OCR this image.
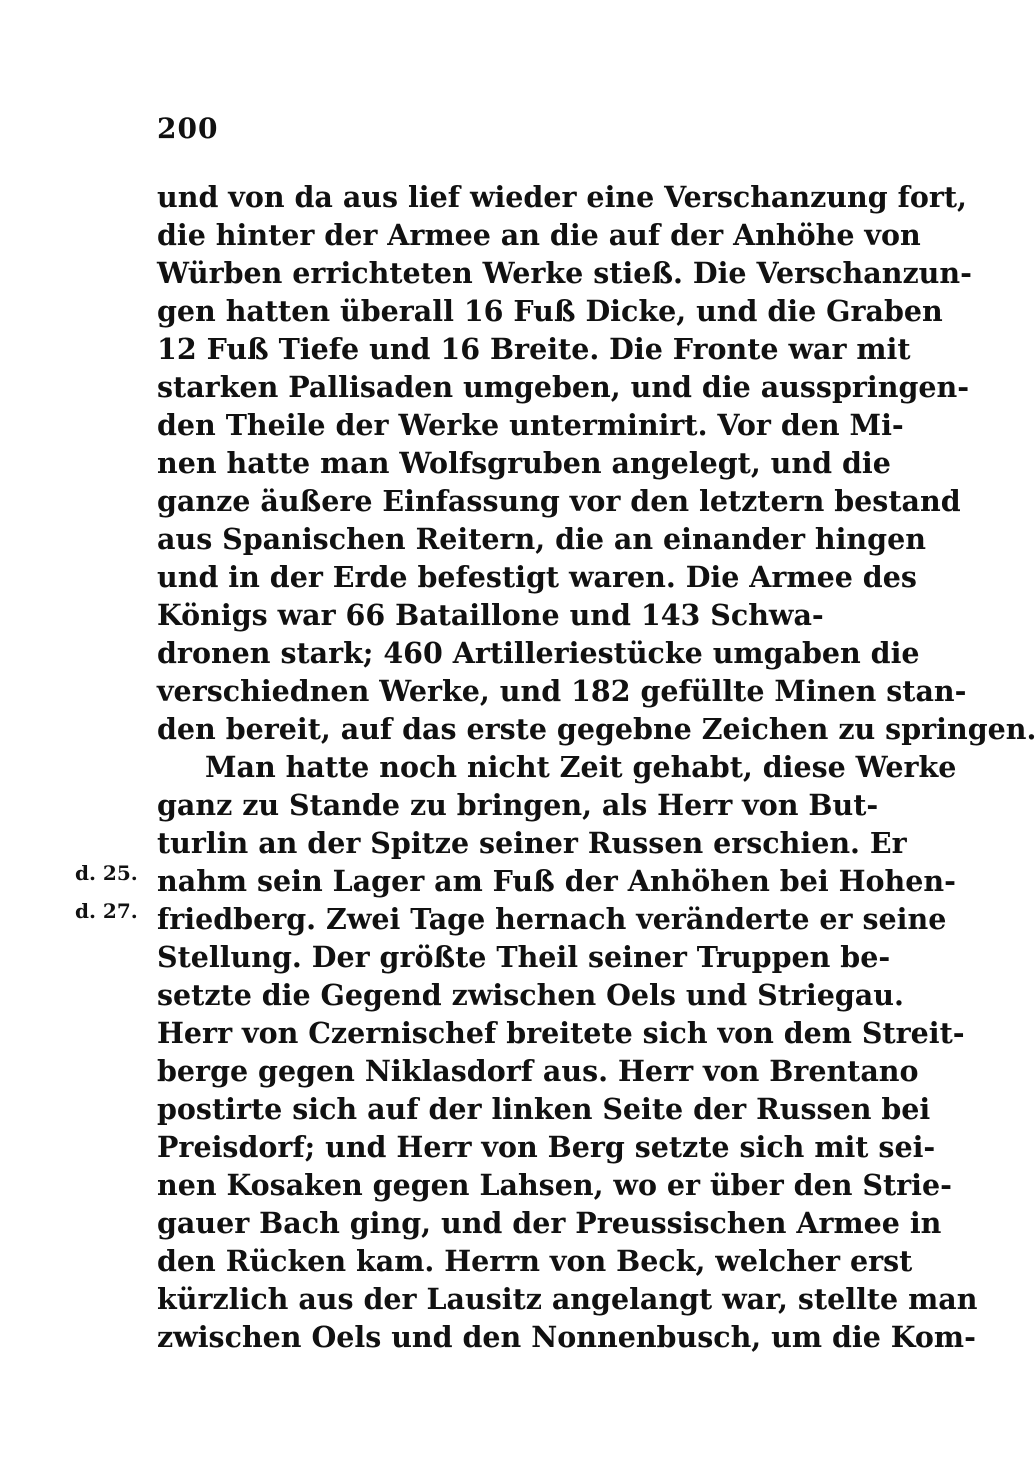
200
und von da aus lief wieder eine Verschanzung fort,
die hinter der Armee an die auf der Anhöhe von
Würben errichteten Werke stieß. Die Verschanzun-
gen hatten überall 16 Fuß Dicke, und die Graben
12 Fuß Tiefe und 16 Breite. Die Fronte war mit
starken Pallisaden umgeben, und die ausspringen-
den Theile der Werke unterminirt. Vor den Mi-
nen hatte man Wolfsgruben angelegt, und die
ganze äußere Einfassung vor den letztern bestand
aus Spanischen Reitern, die an einander hingen
und in der Erde befestigt waren. Die Armee des
Königs war 66 Bataillone und 143 Schwa-
dronen stark; 460 Artilleriestücke umgaben die
verschiednen Werke, und 182 gefüllte Minen stan-
den bereit, auf das erste gegebne Zeichen zu springen.
Man hatte noch nicht Zeit gehabt, diese Werke
ganz zu Stande zu bringen, als Herr von But-
turlin an der Spitze seiner Russen erschien. Er
nahm sein Lager am Fuß der Anhöhen bei Hohen-
friedberg. Zwei Tage hernach veränderte er seine
Stellung. Der größte Theil seiner Truppen be-
setzte die Gegend zwischen Oels und Striegau.
Herr von Czernischef breitete sich von dem Streit-
berge gegen Niklasdorf aus. Herr von Brentano
postirte sich auf der linken Seite der Russen bei
Preisdorf; und Herr von Berg setzte sich mit sei-
nen Kosaken gegen Lahsen, wo er über den Strie-
gauer Bach ging, und der Preussischen Armee in
den Rücken kam. Herrn von Beck, welcher erst
kürzlich aus der Lausitz angelangt war, stellte man
zwischen Oels und den Nonnenbusch, um die Kom-
d. 25.
d. 27.
